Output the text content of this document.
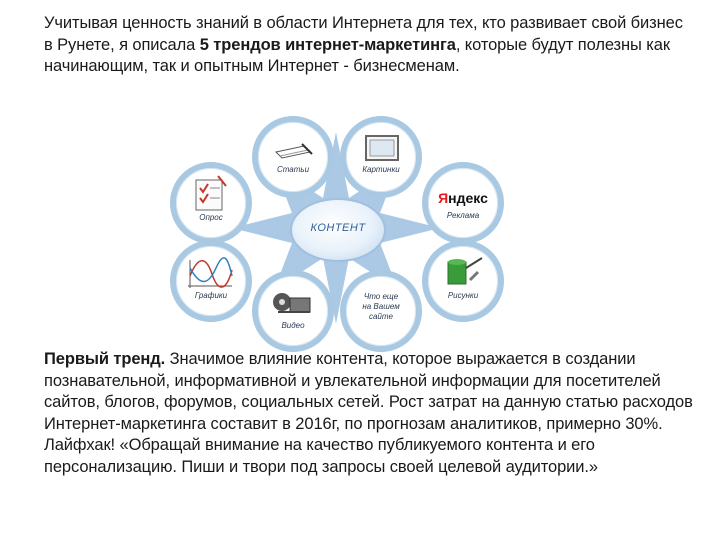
Учитывая ценность знаний в области Интернета для тех, кто развивает свой бизнес в Рунете, я описала 5 трендов интернет-маркетинга, которые будут полезны как начинающим, так и опытным Интернет - бизнесменам.
КОНТЕНТ
Статьи	Картинки
Яндекс
Реклама
Рисунки
Что еще
на Вашем
сайте
Видео
Графики
Опрос
Первый тренд. Значимое влияние контента, которое выражается в создании познавательной, информативной и увлекательной информации для посетителей сайтов, блогов, форумов, социальных сетей. Рост затрат на данную статью расходов Интернет-маркетинга составит в 2016г, по прогнозам аналитиков, примерно 30%.
Лайфхак! «Обращай внимание на качество публикуемого контента и его персонализацию. Пиши и твори под запросы своей целевой аудитории.»
